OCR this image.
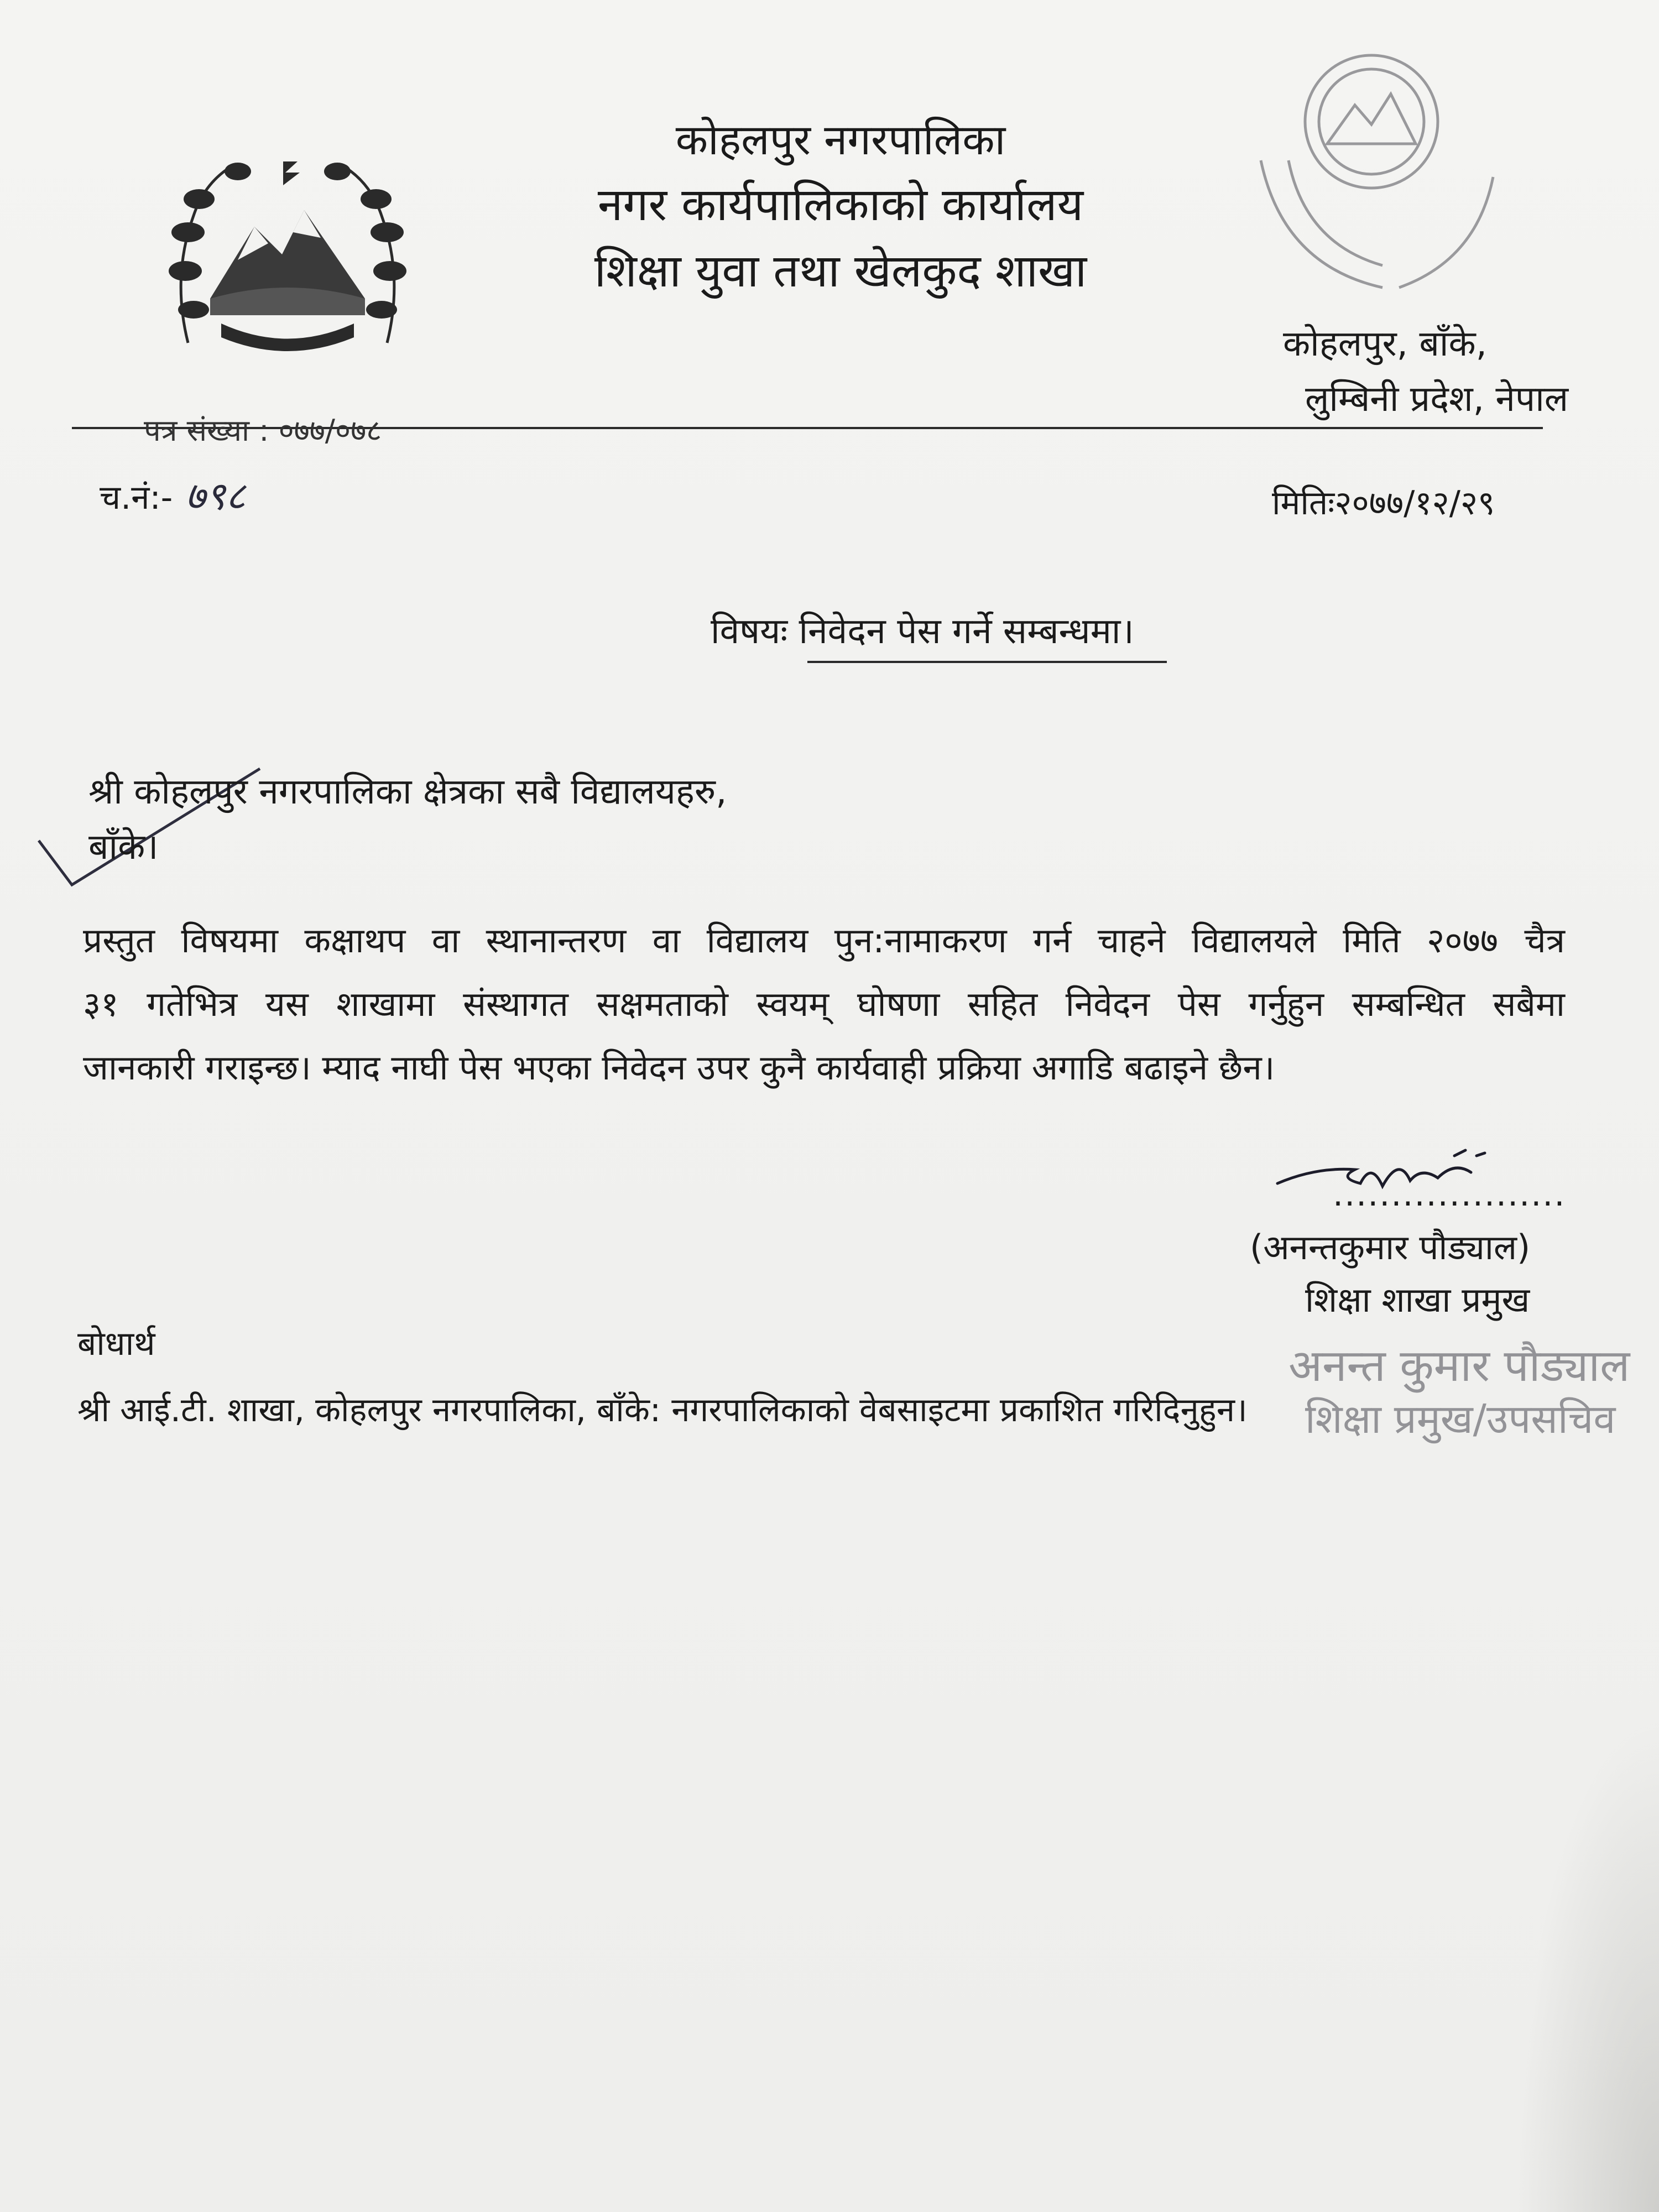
कोहलपुर नगरपालिका
नगर कार्यपालिकाको कार्यालय
शिक्षा युवा तथा खेलकुद शाखा
कोहलपुर, बाँके,
लुम्बिनी प्रदेश, नेपाल
पत्र संख्या : ०७७/०७८
च.नं:- ७९८	मितिः२०७७/१२/२९
विषयः निवेदन पेस गर्ने सम्बन्धमा।
श्री कोहलपुर नगरपालिका क्षेत्रका सबै विद्यालयहरु,
बाँके।
प्रस्तुत विषयमा कक्षाथप वा स्थानान्तरण वा विद्यालय पुन:नामाकरण गर्न चाहने विद्यालयले मिति २०७७ चैत्र
३१ गतेभित्र यस शाखामा संस्थागत सक्षमताको स्वयम् घोषणा सहित निवेदन पेस गर्नुहुन सम्बन्धित सबैमा
जानकारी गराइन्छ। म्याद नाघी पेस भएका निवेदन उपर कुनै कार्यवाही प्रक्रिया अगाडि बढाइने छैन।
....................
(अनन्तकुमार पौड्याल)
शिक्षा शाखा प्रमुख
बोधार्थ
श्री आई.टी. शाखा, कोहलपुर नगरपालिका, बाँके: नगरपालिकाको वेबसाइटमा प्रकाशित गरिदिनुहुन।
अनन्त कुमार पौड्याल
शिक्षा प्रमुख/उपसचिव
